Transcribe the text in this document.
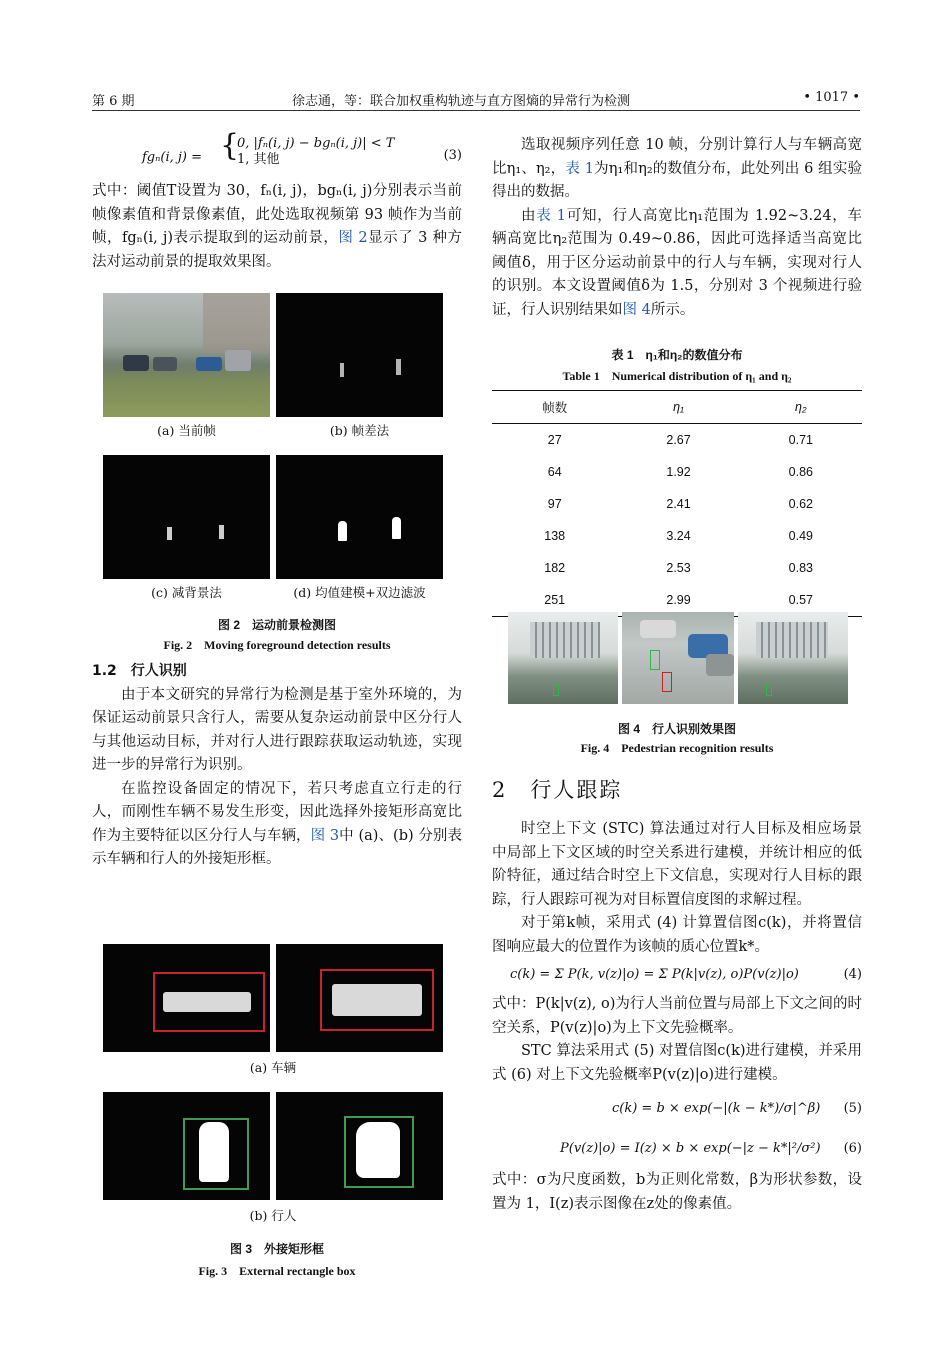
第 6 期	徐志通，等：联合加权重构轨迹与直方图熵的异常行为检测	• 1017 •
fgₙ(i, j) = {
0, |fₙ(i, j) − bgₙ(i, j)| < T
1, 其他	(3)

式中：阈值T设置为 30，fₙ(i, j)，bgₙ(i, j)分别表示当前帧像素值和背景像素值，此处选取视频第 93 帧作为当前帧，fgₙ(i, j)表示提取到的运动前景，图 2显示了 3 种方法对运动前景的提取效果图。

(a) 当前帧	(b) 帧差法
(c) 减背景法	(d) 均值建模+双边滤波
图 2　运动前景检测图
Fig. 2　Moving foreground detection results
1.2　行人识别

由于本文研究的异常行为检测是基于室外环境的，为保证运动前景只含行人，需要从复杂运动前景中区分行人与其他运动目标，并对行人进行跟踪获取运动轨迹，实现进一步的异常行为识别。

在监控设备固定的情况下，若只考虑直立行走的行人，而刚性车辆不易发生形变，因此选择外接矩形高宽比作为主要特征以区分行人与车辆，图 3中 (a)、(b) 分别表示车辆和行人的外接矩形框。

(a) 车辆
(b) 行人
图 3　外接矩形框
Fig. 3　External rectangle box

选取视频序列任意 10 帧，分别计算行人与车辆高宽比η₁、η₂，表 1为η₁和η₂的数值分布，此处列出 6 组实验得出的数据。

由表 1可知，行人高宽比η₁范围为 1.92~3.24，车辆高宽比η₂范围为 0.49~0.86，因此可选择适当高宽比阈值δ，用于区分运动前景中的行人与车辆，实现对行人的识别。本文设置阈值δ为 1.5，分别对 3 个视频进行验证，行人识别结果如图 4所示。

表 1　η₁和η₂的数值分布
Table 1　Numerical distribution of η₁ and η₂
帧数	η₁	η₂
27	2.67	0.71
64	1.92	0.86
97	2.41	0.62
138	3.24	0.49
182	2.53	0.83
251	2.99	0.57
图 4　行人识别效果图
Fig. 4　Pedestrian recognition results
2　行人跟踪

时空上下文 (STC) 算法通过对行人目标及相应场景中局部上下文区域的时空关系进行建模，并统计相应的低阶特征，通过结合时空上下文信息，实现对行人目标的跟踪，行人跟踪可视为对目标置信度图的求解过程。

对于第k帧，采用式 (4) 计算置信图c(k)，并将置信图响应最大的位置作为该帧的质心位置k*。

c(k) = Σ P(k, v(z)|o) = Σ P(k|v(z), o)P(v(z)|o)	(4)

式中：P(k|v(z), o)为行人当前位置与局部上下文之间的时空关系，P(v(z)|o)为上下文先验概率。

STC 算法采用式 (5) 对置信图c(k)进行建模，并采用式 (6) 对上下文先验概率P(v(z)|o)进行建模。

c(k) = b × exp(−|(k − k*)/σ|^β) (5)
P(v(z)|o) = I(z) × b × exp(−|z − k*|²/σ²) (6)

式中：σ为尺度函数，b为正则化常数，β为形状参数，设置为 1，I(z)表示图像在z处的像素值。
